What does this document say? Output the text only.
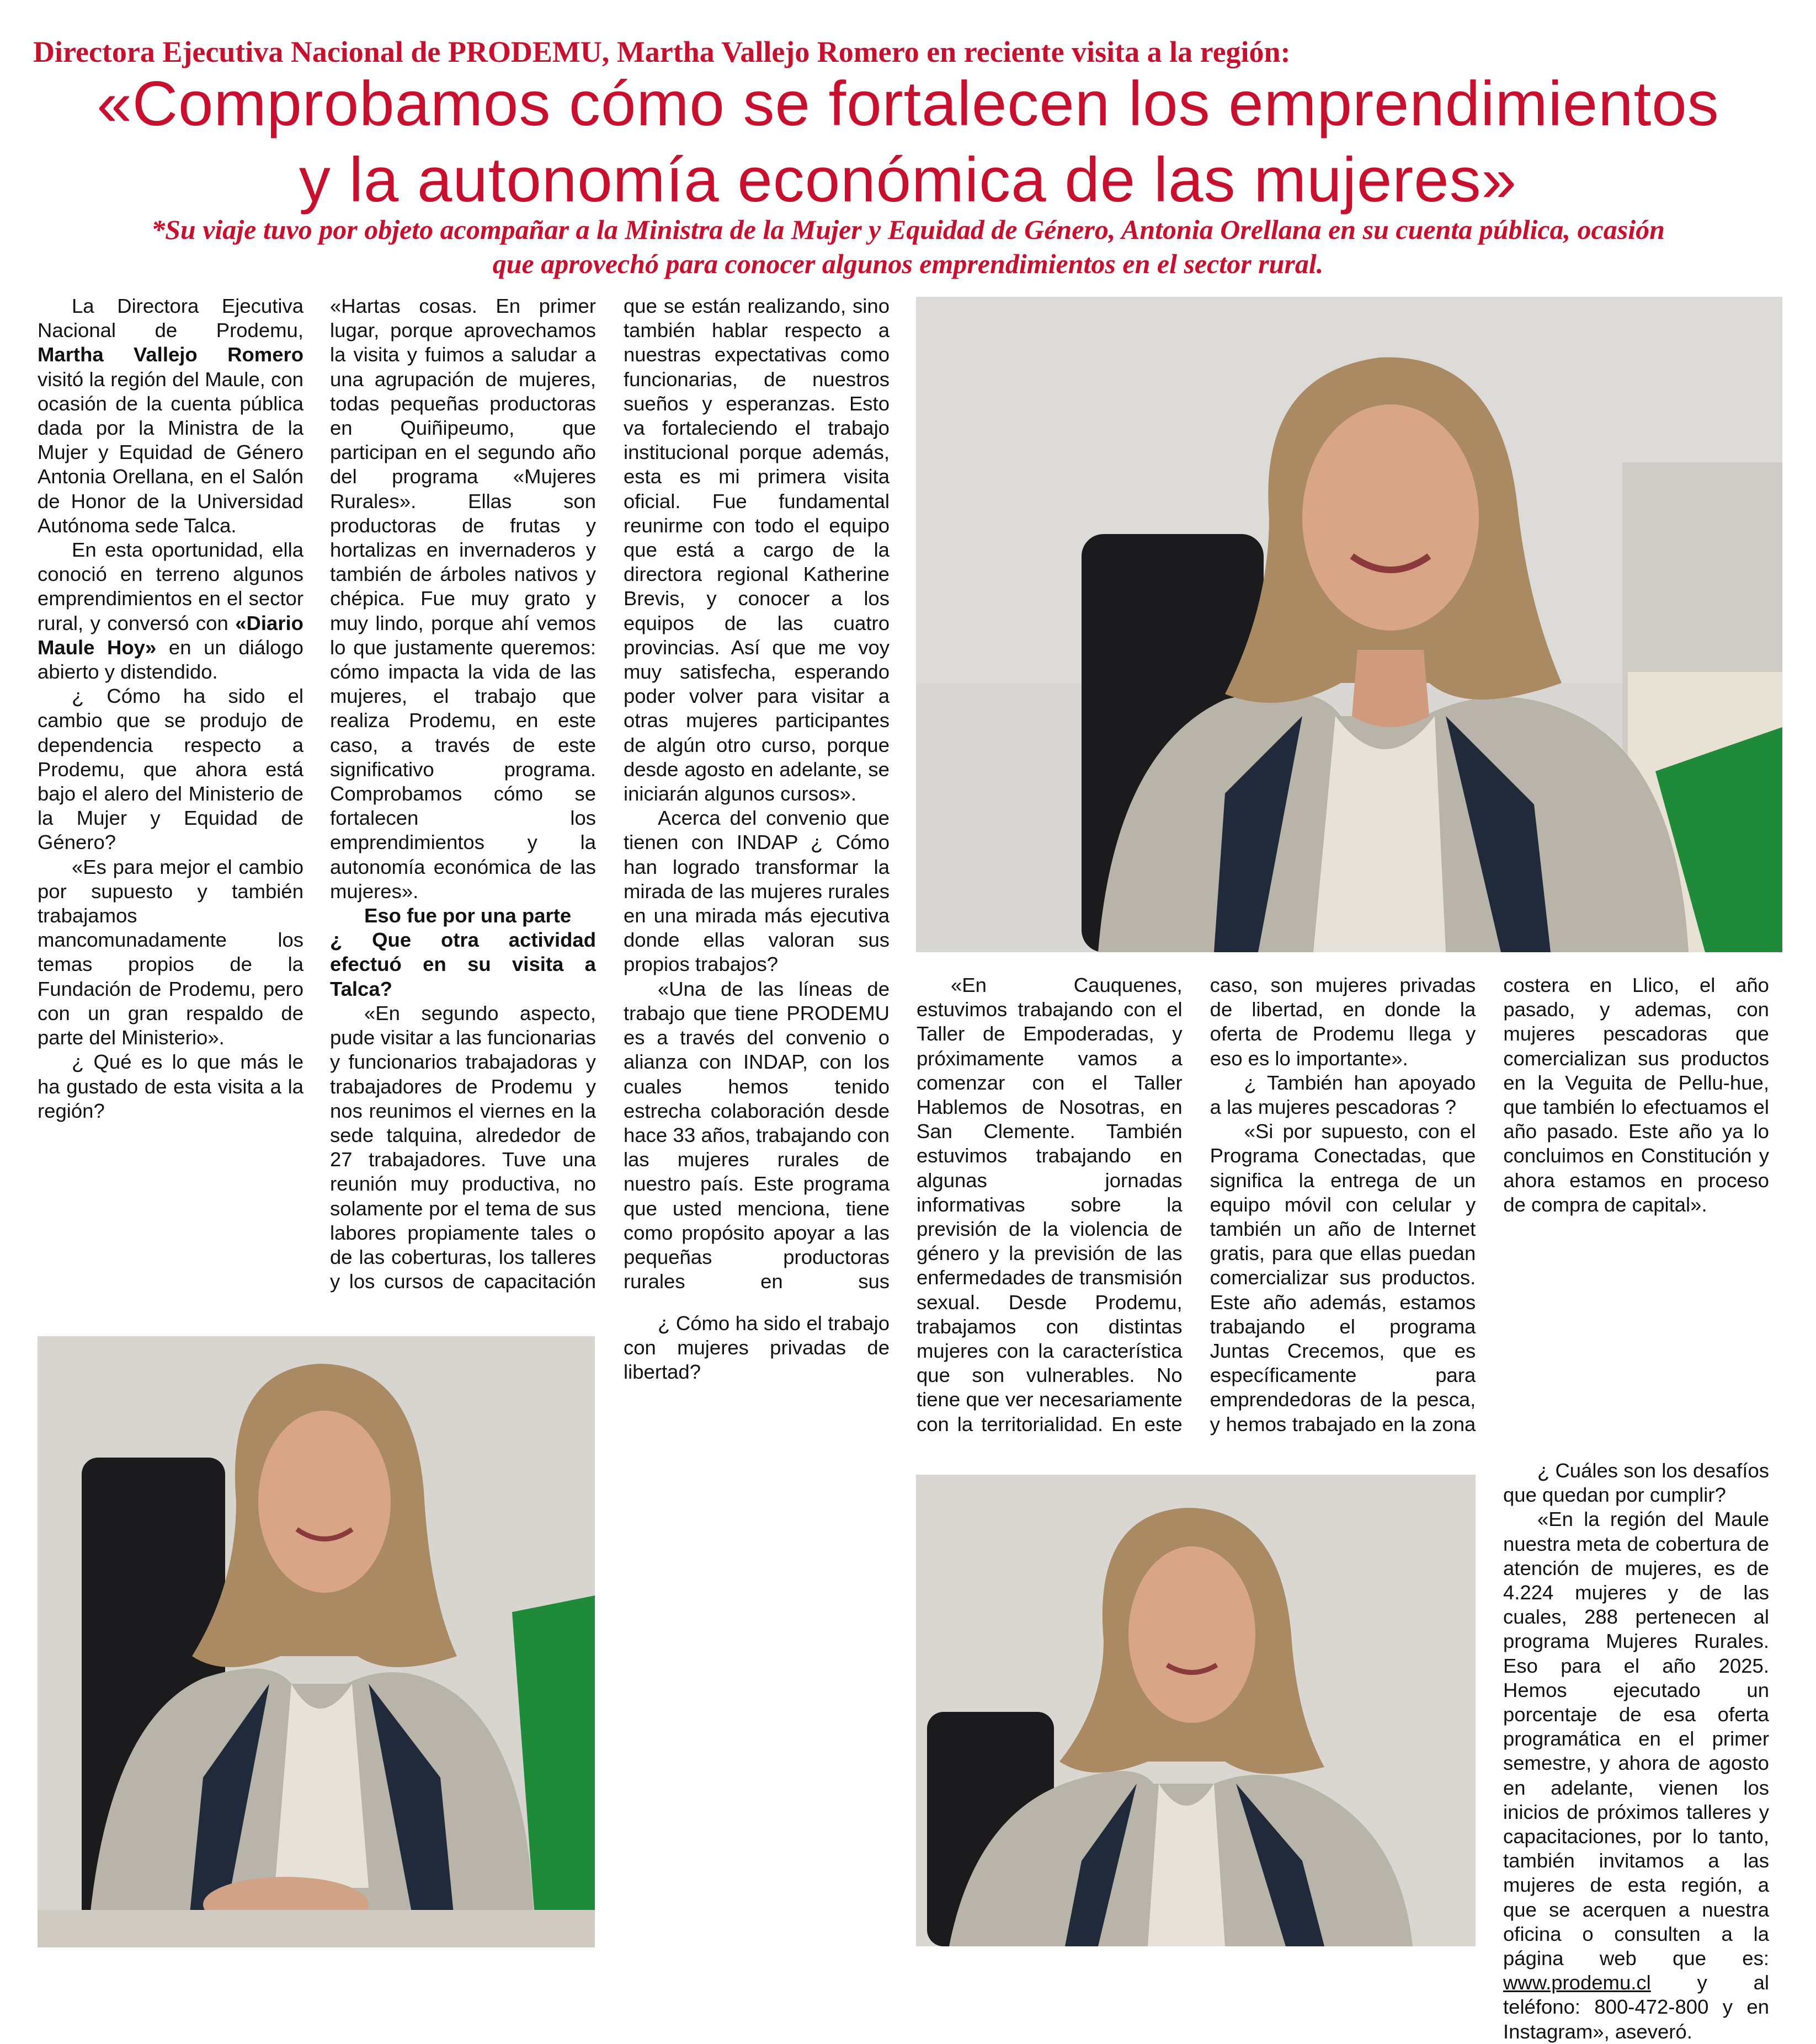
Directora Ejecutiva Nacional de PRODEMU, Martha Vallejo Romero en reciente visita a la región:
«Comprobamos cómo se fortalecen los emprendimientos
y la autonomía económica de las mujeres»
*Su viaje tuvo por objeto acompañar a la Ministra de la Mujer y Equidad de Género, Antonia Orellana en su cuenta pública, ocasión
que aprovechó para conocer algunos emprendimientos en el sector rural.

La Directora Ejecutiva Nacional de Prodemu, Martha Vallejo Romero visitó la región del Maule, con ocasión de la cuenta pública dada por la Ministra de la Mujer y Equidad de Género Antonia Orellana, en el Salón de Honor de la Universidad Autónoma sede Talca.

En esta oportunidad, ella conoció en terreno algunos emprendimientos en el sector rural, y conversó con «Diario Maule Hoy» en un diálogo abierto y distendido.

¿ Cómo ha sido el cambio que se produjo de dependencia respecto a Prodemu, que ahora está bajo el alero del Ministerio de la Mujer y Equidad de Género?

«Es para mejor el cambio por supuesto y también trabajamos mancomunadamente los temas propios de la Fundación de Prodemu, pero con un gran respaldo de parte del Ministerio».

¿ Qué es lo que más le ha gustado de esta visita a la región?

«Hartas cosas. En primer lugar, porque aprovechamos la visita y fuimos a saludar a una agrupación de mujeres, todas pequeñas productoras en Quiñipeumo, que participan en el segundo año del programa «Mujeres Rurales». Ellas son productoras de frutas y hortalizas en invernaderos y también de árboles nativos y chépica. Fue muy grato y muy lindo, porque ahí vemos lo que justamente queremos: cómo impacta la vida de las mujeres, el trabajo que realiza Prodemu, en este caso, a través de este significativo programa. Comprobamos cómo se fortalecen los emprendimientos y la autonomía económica de las mujeres».

Eso fue por una parte

¿ Que otra actividad efectuó en su visita a Talca?

«En segundo aspecto, pude visitar a las funcionarias y funcionarios trabajadoras y trabajadores de Prodemu y nos reunimos el viernes en la sede talquina, alrededor de 27 trabajadores. Tuve una reunión muy productiva, no solamente por el tema de sus labores propiamente tales o de las coberturas, los talleres y los cursos de capacitación que se están realizando, sino también hablar respecto a nuestras expectativas como funcionarias, de nuestros sueños y esperanzas. Esto va fortaleciendo el trabajo institucional porque además, esta es mi primera visita oficial. Fue fundamental reunirme con todo el equipo que está a cargo de la directora regional Katherine Brevis, y conocer a los equipos de las cuatro provincias. Así que me voy muy satisfecha, esperando poder volver para visitar a otras mujeres participantes de algún otro curso, porque desde agosto en adelante, se iniciarán algunos cursos».

Acerca del convenio que tienen con INDAP ¿ Cómo han logrado transformar la mirada de las mujeres rurales en una mirada más ejecutiva donde ellas valoran sus propios trabajos?

«Una de las líneas de trabajo que tiene PRODEMU es a través del convenio o alianza con INDAP, con los cuales hemos tenido estrecha colaboración desde hace 33 años, trabajando con las mujeres rurales de nuestro país. Este programa que usted menciona, tiene como propósito apoyar a las pequeñas productoras rurales en sus

¿ Cómo ha sido el trabajo con mujeres privadas de libertad?

«En Cauquenes, estuvimos trabajando con el Taller de Empoderadas, y próximamente vamos a comenzar con el Taller Hablemos de Nosotras, en San Clemente. También estuvimos trabajando en algunas jornadas informativas sobre la previsión de la violencia de género y la previsión de las enfermedades de transmisión sexual. Desde Prodemu, trabajamos con distintas mujeres con la característica que son vulnerables. No tiene que ver necesariamente con la territorialidad. En este caso, son mujeres privadas de libertad, en donde la oferta de Prodemu llega y eso es lo importante».

¿ También han apoyado a las mujeres pescadoras ?

«Si por supuesto, con el Programa Conectadas, que significa la entrega de un equipo móvil con celular y también un año de Internet gratis, para que ellas puedan comercializar sus productos. Este año además, estamos trabajando el programa Juntas Crecemos, que es específicamente para emprendedoras de la pesca, y hemos trabajado en la zona costera en Llico, el año pasado, y ademas, con mujeres pescadoras que comercializan sus productos en la Veguita de Pellu-hue, que también lo efectuamos el año pasado. Este año ya lo concluimos en Constitución y ahora estamos en proceso de compra de capital».

¿ Cuáles son los desafíos que quedan por cumplir?

«En la región del Maule nuestra meta de cobertura de atención de mujeres, es de 4.224 mujeres y de las cuales, 288 pertenecen al programa Mujeres Rurales. Eso para el año 2025. Hemos ejecutado un porcentaje de esa oferta programática en el primer semestre, y ahora de agosto en adelante, vienen los inicios de próximos talleres y capacitaciones, por lo tanto, también invitamos a las mujeres de esta región, a que se acerquen a nuestra oficina o consulten a la página web que es: www.prodemu.cl y al teléfono: 800-472-800 y en Instagram», aseveró.
